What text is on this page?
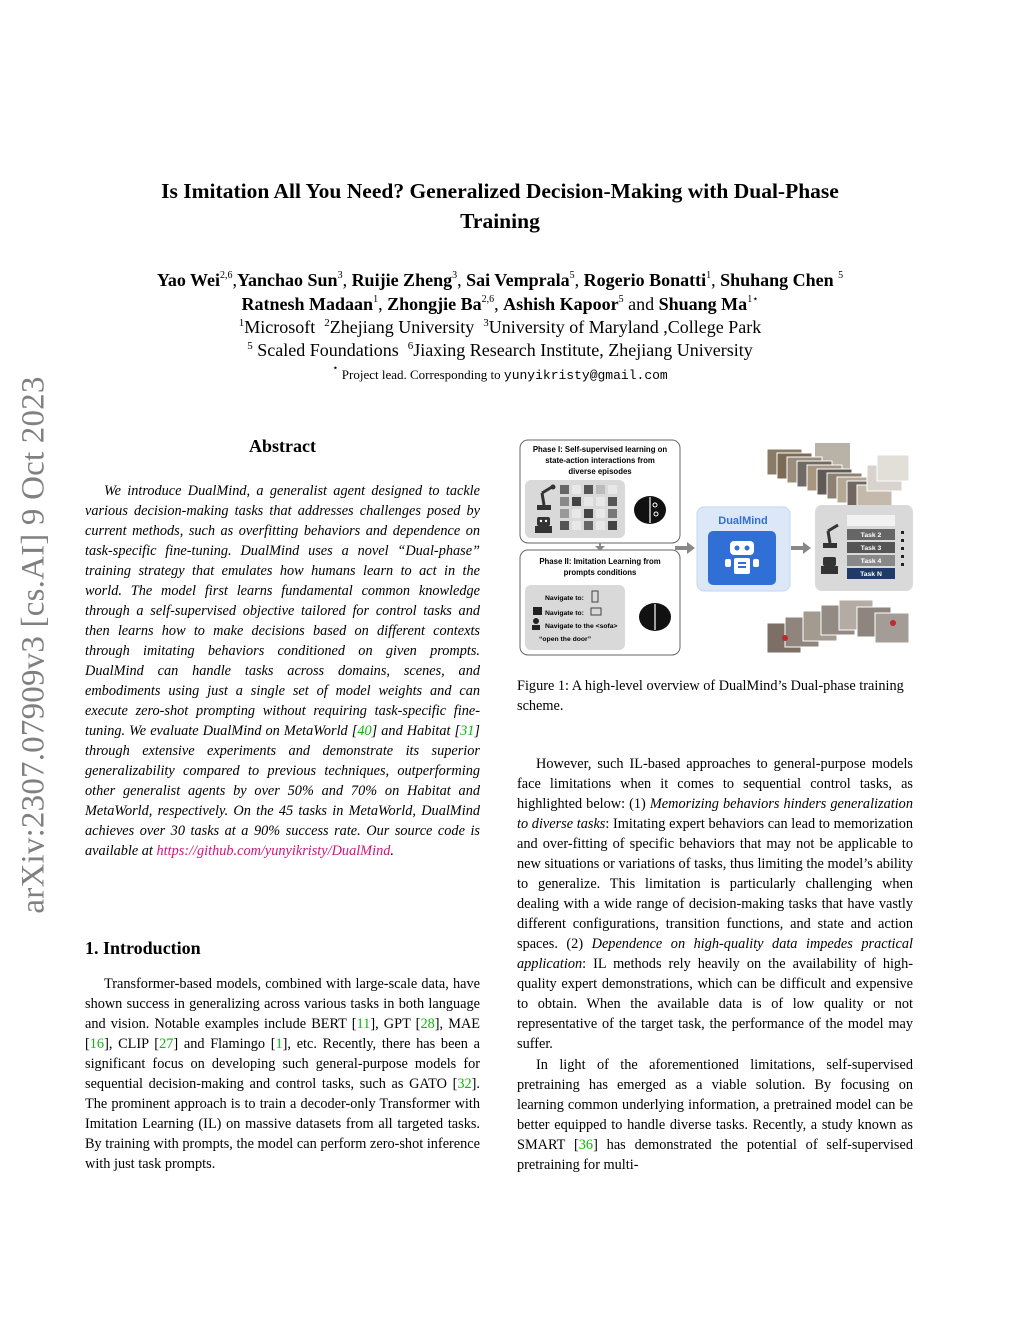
arXiv:2307.07909v3 [cs.AI] 9 Oct 2023
Is Imitation All You Need? Generalized Decision-Making with Dual-Phase
Training
Yao Wei$^{2,6}$,Yanchao Sun$^3$, Ruijie Zheng$^3$, Sai Vemprala$^5$, Rogerio Bonatti$^1$, Shuhang Chen $^5$
Ratnesh Madaan$^1$, Zhongjie Ba$^{2,6}$, Ashish Kapoor$^5$ and Shuang $Ma^{1⋆}$
$^1$Microsoft $^2$Zhejiang University $^3$University of Maryland ,College Park
$^5$ Scaled Foundations $^6$Jiaxing Research Institute, Zhejiang University
⋆ Project lead. Corresponding to yunyikristy@gmail.com
Abstract

We introduce DualMind, a generalist agent designed to tackle various decision-making tasks that addresses challenges posed by current methods, such as overfitting behaviors and dependence on task-specific fine-tuning. DualMind uses a novel “Dual-phase” training strategy that emulates how humans learn to act in the world. The model first learns fundamental common knowledge through a self-supervised objective tailored for control tasks and then learns how to make decisions based on different contexts through imitating behaviors conditioned on given prompts. DualMind can handle tasks across domains, scenes, and embodiments using just a single set of model weights and can execute zero-shot prompting without requiring task-specific fine-tuning. We evaluate DualMind on MetaWorld [40] and Habitat [31] through extensive experiments and demonstrate its superior generalizability compared to previous techniques, outperforming other generalist agents by over 50% and 70% on Habitat and MetaWorld, respectively. On the 45 tasks in MetaWorld, DualMind achieves over 30 tasks at a 90% success rate. Our source code is available at https://github.com/yunyikristy/DualMind.

1. Introduction

Transformer-based models, combined with large-scale data, have shown success in generalizing across various tasks in both language and vision. Notable examples include BERT [11], GPT [28], MAE [16], CLIP [27] and Flamingo [1], etc. Recently, there has been a significant focus on developing such general-purpose models for sequential decision-making and control tasks, such as GATO [32]. The prominent approach is to train a decoder-only Transformer with Imitation Learning (IL) on massive datasets from all targeted tasks. By training with prompts, the model can perform zero-shot inference with just task prompts.

Phase I: Self-supervised learning on
state-action interactions from
diverse episodes
Phase II: Imitation Learning from
prompts conditions
Navigate to:
Navigate to:
Navigate to the <sofa>
“open the door”
DualMind
Task 2
Task 3
Task 4
Task N

Figure 1: A high-level overview of DualMind’s Dual-phase training scheme.

However, such IL-based approaches to general-purpose models face limitations when it comes to sequential control tasks, as highlighted below: (1) Memorizing behaviors hinders generalization to diverse tasks: Imitating expert behaviors can lead to memorization and over-fitting of specific behaviors that may not be applicable to new situations or variations of tasks, thus limiting the model’s ability to generalize. This limitation is particularly challenging when dealing with a wide range of decision-making tasks that have vastly different configurations, transition functions, and state and action spaces. (2) Dependence on high-quality data impedes practical application: IL methods rely heavily on the availability of high-quality expert demonstrations, which can be difficult and expensive to obtain. When the available data is of low quality or not representative of the target task, the performance of the model may suffer.

In light of the aforementioned limitations, self-supervised pretraining has emerged as a viable solution. By focusing on learning common underlying information, a pretrained model can be better equipped to handle diverse tasks. Recently, a study known as SMART [36] has demonstrated the potential of self-supervised pretraining for multi-
